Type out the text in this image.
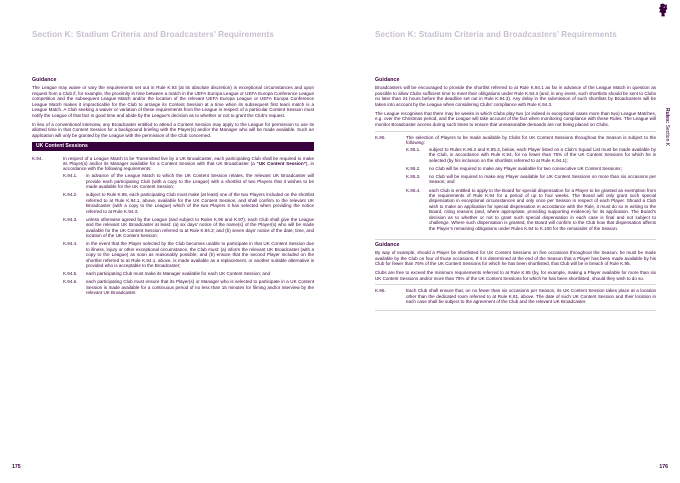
Section K: Stadium Criteria and Broadcasters’ Requirements
Guidance

The League may waive or vary the requirements set out in Rule K.93 (at its absolute discretion) in exceptional circumstances and upon request from a Club if, for example, the proximity in time between a match in the UEFA Europa League or UEFA Europa Conference League competition and the subsequent League Match and/or the location of the relevant UEFA Europa League or UEFA Europa Conference League Match makes it impracticable for the Club to arrange its Content Session at a time when its subsequent first team match is a League Match. A Club seeking a waiver or variation of these requirements from the League in respect of a particular Content Session must notify the League of that fact in good time and abide by the League’s decision as to whether or not to grant the Club’s request.

In lieu of a conventional interview, any Broadcaster entitled to attend a Content Session may apply to the League for permission to use its allotted time in that Content Session for a background briefing with the Player(s) and/or the Manager who will be made available. Such an application will only be granted by the League with the permission of the Club concerned.

UK Content Sessions
K.94.	In respect of a League Match to be Transmitted live by a UK Broadcaster, each participating Club shall be required to make its Player(s) and/or its Manager available for a Content Session with that UK Broadcaster (a “UK Content Session”), in accordance with the following requirements:
K.94.1.	in advance of the League Match to which the UK Content Session relates, the relevant UK Broadcaster will provide each participating Club (with a copy to the League) with a shortlist of two Players that it wishes to be made available for the UK Content Session;
K.94.2.	subject to Rule K.95, each participating Club must make (at least) one of the two Players included on the shortlist referred to at Rule K.94.1, above, available for the UK Content Session, and shall confirm to the relevant UK Broadcaster (with a copy to the League) which of the two Players it has selected when providing the notice referred to at Rule K.94.3;
K.94.3.	unless otherwise agreed by the League (and subject to Rules K.96 and K.97), each Club shall give the League and the relevant UK Broadcaster at least: (a) six days’ notice of the name(s) of the Player(s) who will be made available for the UK Content Session referred to at Rule K.94.2; and (b) seven days’ notice of the date, time, and location of the UK Content Session;
K.94.4.	in the event that the Player selected by the Club becomes unable to participate in that UK Content Session due to illness, injury or other exceptional circumstance, the Club must: (a) inform the relevant UK Broadcaster (with a copy to the League) as soon as reasonably possible; and (b) ensure that the second Player included on the shortlist referred to at Rule K.94.1, above, is made available as a replacement, or another suitable alternative is provided who is acceptable to the Broadcaster;
K.94.5.	each participating Club must make its Manager available for each UK Content Session; and
K.94.6.	each participating Club must ensure that its Player(s) or Manager who is selected to participate in a UK Content Session is made available for a continuous period of no less than 15 minutes for filming and/or interview by the relevant UK Broadcaster.
175
Section K: Stadium Criteria and Broadcasters’ Requirements
Rules: Section K
Guidance

Broadcasters will be encouraged to provide the shortlist referred to at Rule K.94.1 as far in advance of the League Match in question as possible to allow Clubs sufficient time to meet their obligations under Rule K.94.3 (and, in any event, such shortlists should be sent to Clubs no later than 24 hours before the deadline set out in Rule K.94.3). Any delay in the submission of such shortlists by Broadcasters will be taken into account by the League when considering Clubs’ compliance with Rule K.94.3.

The League recognises that there may be weeks in which Clubs play two (or indeed in exceptional cases more than two) League Matches, e.g. over the Christmas period, and the League will take account of the fact when monitoring compliance with these Rules. The League will monitor Broadcaster access during such times to ensure that unreasonable demands are not being placed on Clubs.

K.95.	The selection of Players to be made available by Clubs for UK Content Sessions throughout the Season is subject to the following:
K.95.1.	subject to Rules K.95.2 and K.95.3, below, each Player listed on a Club’s Squad List must be made available by the Club, in accordance with Rule K.94, for no fewer than 75% of the UK Content Sessions for which he is selected (by his inclusion on the shortlists referred to at Rule K.94.1);
K.95.2.	no Club will be required to make any Player available for two consecutive UK Content Sessions;
K.95.3.	no Club will be required to make any Player available for UK Content Sessions on more than six occasions per Season; and
K.95.4.	each Club is entitled to apply to the Board for special dispensation for a Player to be granted an exemption from the requirements of Rule K.94 for a period of up to four weeks. The Board will only grant such special dispensation in exceptional circumstances and only once per Season in respect of each Player. Should a Club wish to make an application for special dispensation in accordance with the Rule, it must do so in writing to the Board, citing reasons (and, where appropriate, providing supporting evidence) for its application. The Board’s decision as to whether or not to grant such special dispensation in each case is final and not subject to challenge. Where such dispensation is granted, the Board will confirm to the Club how that dispensation affects the Player’s remaining obligations under Rules K.94 to K.100 for the remainder of the Season.
Guidance

By way of example, should a Player be shortlisted for UK Content Sessions on five occasions throughout the Season, he must be made available by the Club on four of those occasions. If it is determined at the end of the Season that a Player has been made available by his Club for fewer than 75% of the UK Content Sessions for which he has been shortlisted, that Club will be in breach of Rule K.95.

Clubs are free to exceed the minimum requirements referred to at Rule K.95 (by, for example, making a Player available for more than six UK Content Sessions and/or more than 75% of the UK Content Sessions for which he has been shortlisted, should they wish to do so.

K.96.	Each Club shall ensure that, on no fewer than six occasions per Season, its UK Content Session takes place at a location other than the dedicated room referred to at Rule K.81, above. The date of such UK Content Session and their location in each case shall be subject to the agreement of the Club and the relevant UK Broadcaster.
176
